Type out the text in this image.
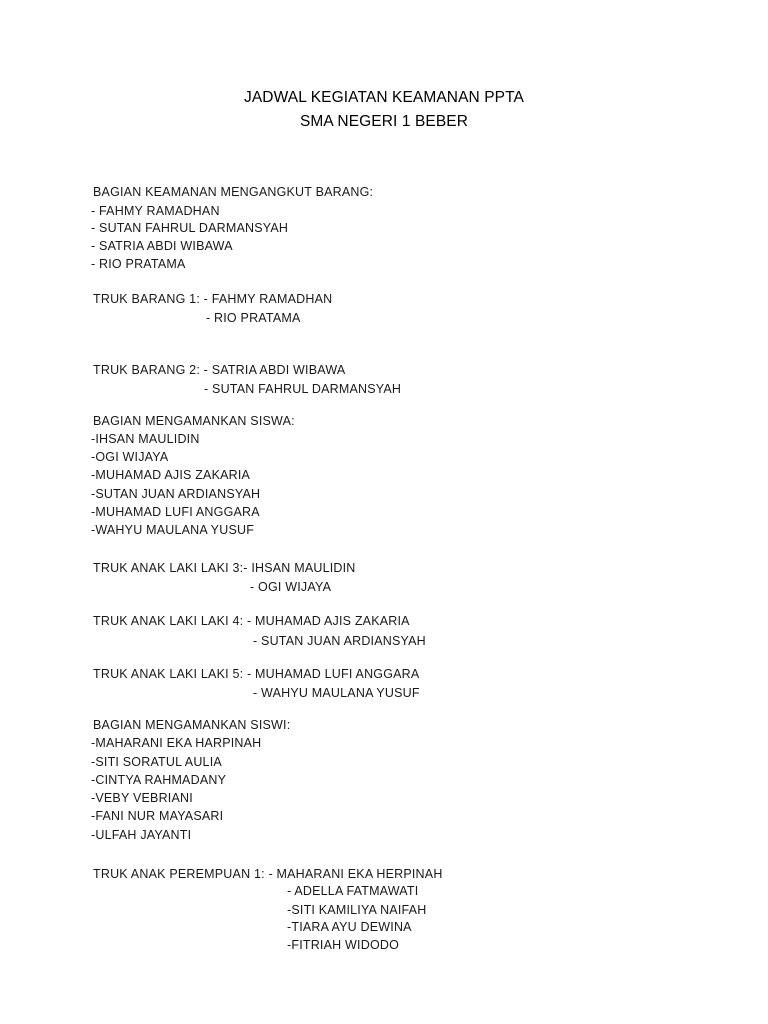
JADWAL KEGIATAN KEAMANAN PPTA
SMA NEGERI 1 BEBER
BAGIAN KEAMANAN MENGANGKUT BARANG:
- FAHMY RAMADHAN
- SUTAN FAHRUL DARMANSYAH
- SATRIA ABDI WIBAWA
- RIO PRATAMA
TRUK BARANG 1: - FAHMY RAMADHAN
- RIO PRATAMA
TRUK BARANG 2: - SATRIA ABDI WIBAWA
- SUTAN FAHRUL DARMANSYAH
BAGIAN MENGAMANKAN SISWA:
-IHSAN MAULIDIN
-OGI WIJAYA
-MUHAMAD AJIS ZAKARIA
-SUTAN JUAN ARDIANSYAH
-MUHAMAD LUFI ANGGARA
-WAHYU MAULANA YUSUF
TRUK ANAK LAKI LAKI 3:- IHSAN MAULIDIN
- OGI WIJAYA
TRUK ANAK LAKI LAKI 4: - MUHAMAD AJIS ZAKARIA
- SUTAN JUAN ARDIANSYAH
TRUK ANAK LAKI LAKI 5: - MUHAMAD LUFI ANGGARA
- WAHYU MAULANA YUSUF
BAGIAN MENGAMANKAN SISWI:
-MAHARANI EKA HARPINAH
-SITI SORATUL AULIA
-CINTYA RAHMADANY
-VEBY VEBRIANI
-FANI NUR MAYASARI
-ULFAH JAYANTI
TRUK ANAK PEREMPUAN 1: - MAHARANI EKA HERPINAH
- ADELLA FATMAWATI
-SITI KAMILIYA NAIFAH
-TIARA AYU DEWINA
-FITRIAH WIDODO
